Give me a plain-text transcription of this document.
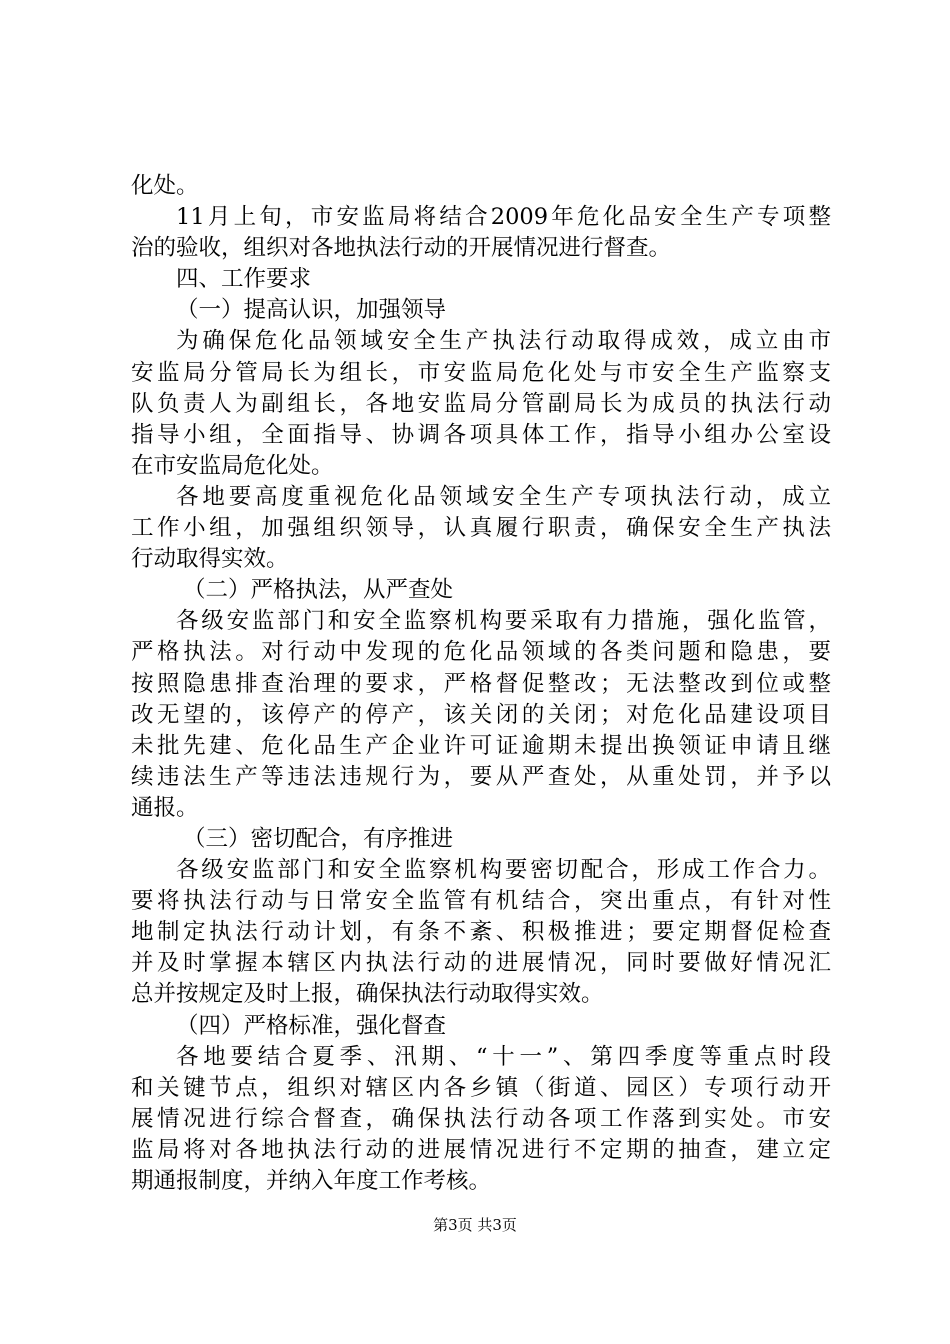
化处。
11月上旬，市安监局将结合2009年危化品安全生产专项整
治的验收，组织对各地执法行动的开展情况进行督查。
四、工作要求
（一）提高认识，加强领导
为确保危化品领域安全生产执法行动取得成效，成立由市
安监局分管局长为组长，市安监局危化处与市安全生产监察支
队负责人为副组长，各地安监局分管副局长为成员的执法行动
指导小组，全面指导、协调各项具体工作，指导小组办公室设
在市安监局危化处。
各地要高度重视危化品领域安全生产专项执法行动，成立
工作小组，加强组织领导，认真履行职责，确保安全生产执法
行动取得实效。
（二）严格执法，从严查处
各级安监部门和安全监察机构要采取有力措施，强化监管，
严格执法。对行动中发现的危化品领域的各类问题和隐患，要
按照隐患排查治理的要求，严格督促整改；无法整改到位或整
改无望的，该停产的停产，该关闭的关闭；对危化品建设项目
未批先建、危化品生产企业许可证逾期未提出换领证申请且继
续违法生产等违法违规行为，要从严查处，从重处罚，并予以
通报。
（三）密切配合，有序推进
各级安监部门和安全监察机构要密切配合，形成工作合力。
要将执法行动与日常安全监管有机结合，突出重点，有针对性
地制定执法行动计划，有条不紊、积极推进；要定期督促检查
并及时掌握本辖区内执法行动的进展情况，同时要做好情况汇
总并按规定及时上报，确保执法行动取得实效。
（四）严格标准，强化督查
各地要结合夏季、汛期、“十一”、第四季度等重点时段
和关键节点，组织对辖区内各乡镇（街道、园区）专项行动开
展情况进行综合督查，确保执法行动各项工作落到实处。市安
监局将对各地执法行动的进展情况进行不定期的抽查，建立定
期通报制度，并纳入年度工作考核。
第3页 共3页
